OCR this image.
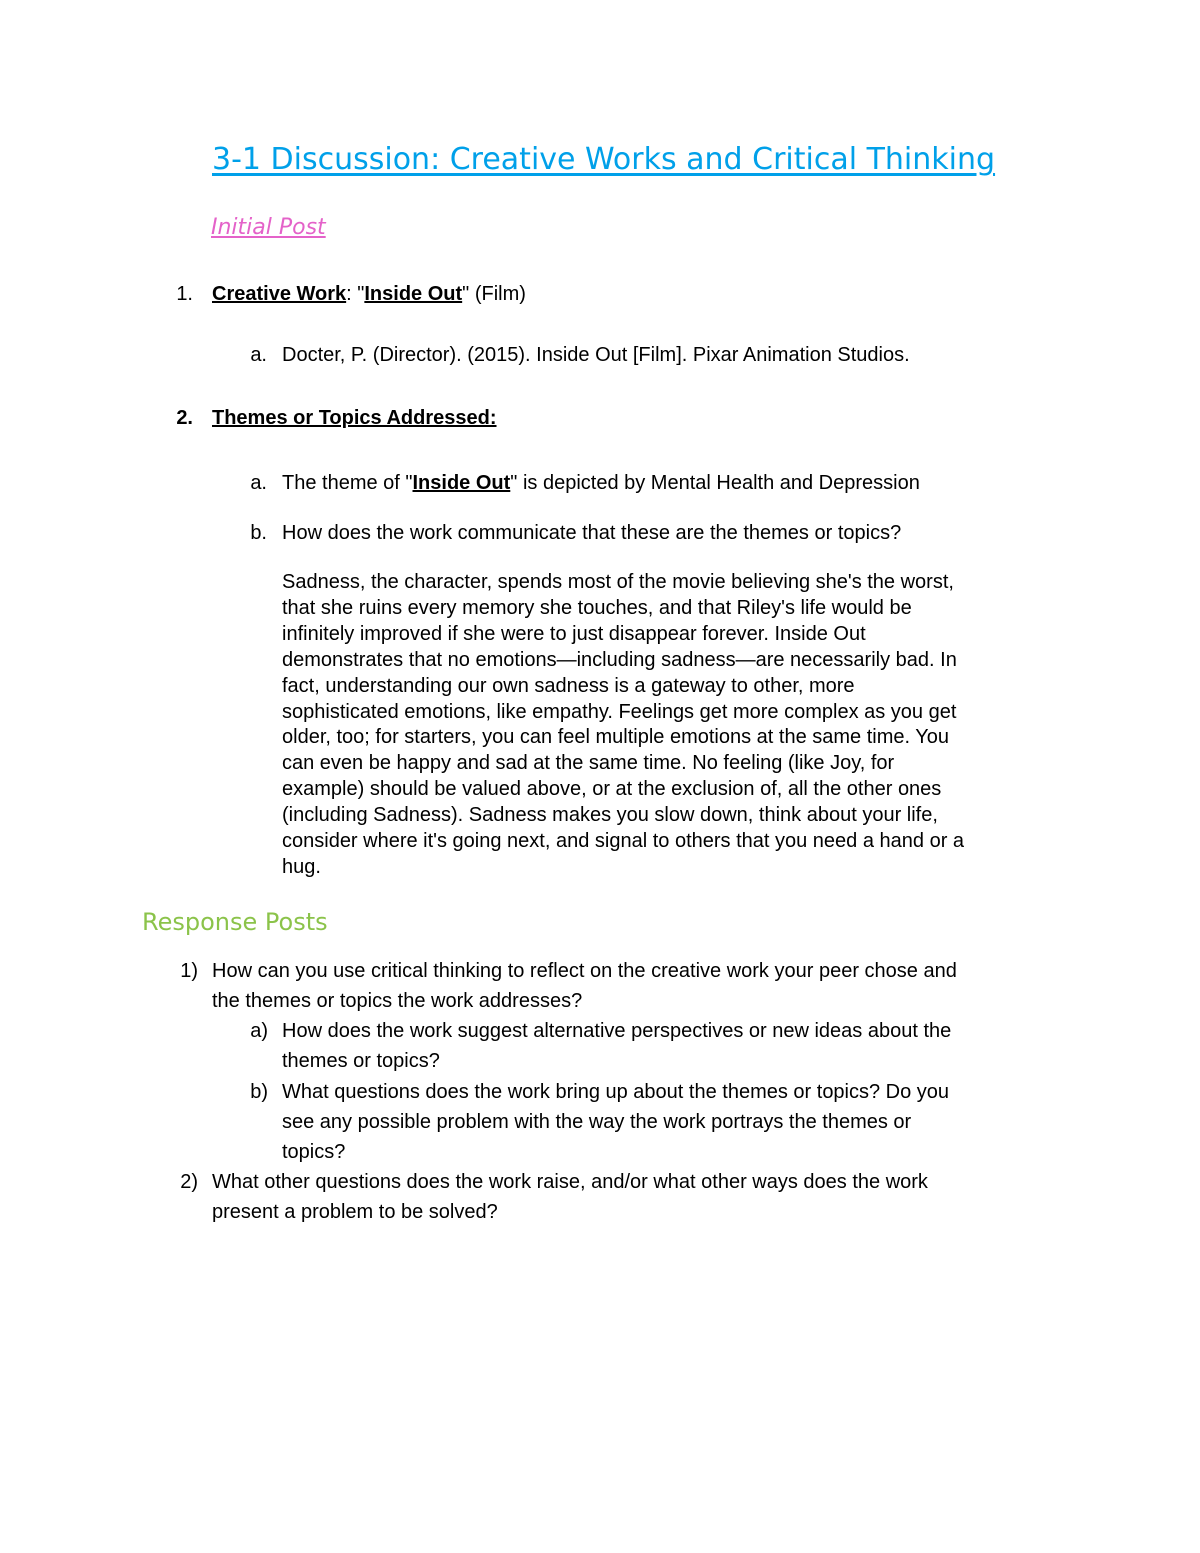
3-1 Discussion: Creative Works and Critical Thinking
Initial Post
1. Creative Work: "Inside Out" (Film)
a. Docter, P. (Director). (2015). Inside Out [Film]. Pixar Animation Studios.
2. Themes or Topics Addressed:
a. The theme of "Inside Out" is depicted by Mental Health and Depression
b. How does the work communicate that these are the themes or topics?
Sadness, the character, spends most of the movie believing she's the worst,
that she ruins every memory she touches, and that Riley's life would be
infinitely improved if she were to just disappear forever. Inside Out
demonstrates that no emotions—including sadness—are necessarily bad. In
fact, understanding our own sadness is a gateway to other, more
sophisticated emotions, like empathy. Feelings get more complex as you get
older, too; for starters, you can feel multiple emotions at the same time. You
can even be happy and sad at the same time. No feeling (like Joy, for
example) should be valued above, or at the exclusion of, all the other ones
(including Sadness). Sadness makes you slow down, think about your life,
consider where it's going next, and signal to others that you need a hand or a
hug.
Response Posts
1) How can you use critical thinking to reflect on the creative work your peer chose and
the themes or topics the work addresses?
a) How does the work suggest alternative perspectives or new ideas about the
themes or topics?
b) What questions does the work bring up about the themes or topics? Do you
see any possible problem with the way the work portrays the themes or
topics?
2) What other questions does the work raise, and/or what other ways does the work
present a problem to be solved?
